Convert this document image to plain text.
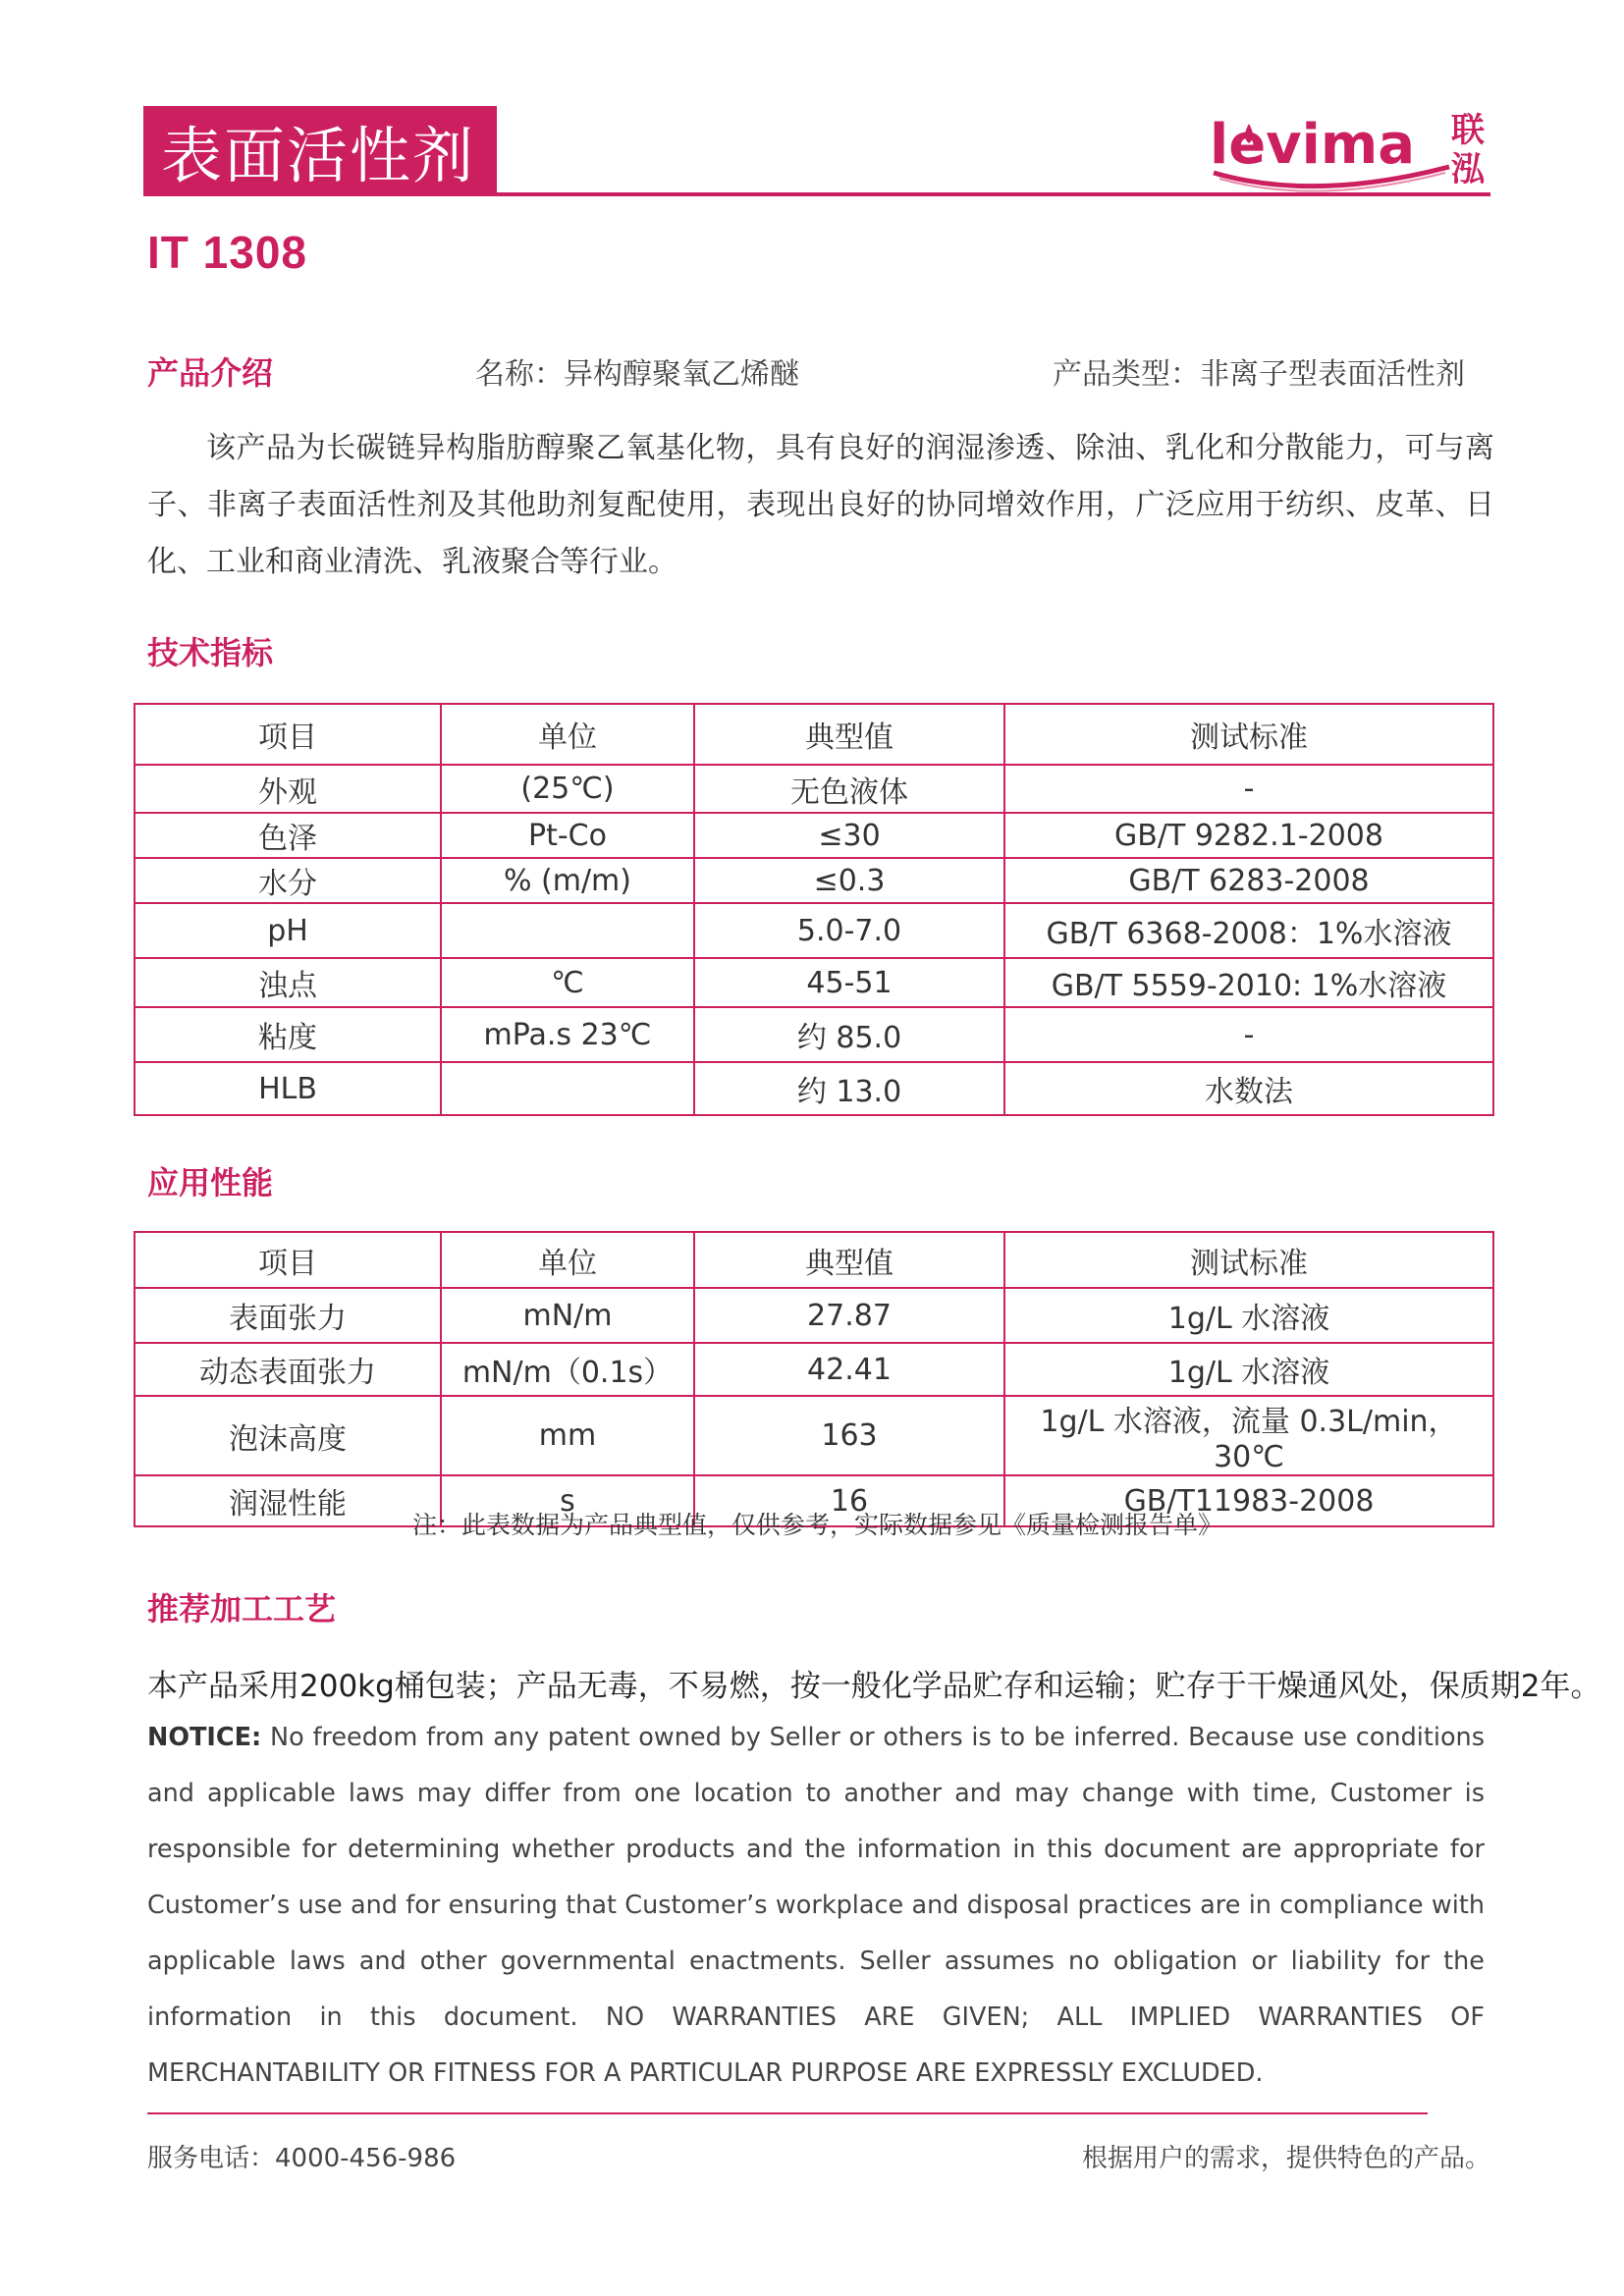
表面活性剂	levima 联
泓
IT 1308
产品介绍	名称：异构醇聚氧乙烯醚	产品类型：非离子型表面活性剂
该产品为长碳链异构脂肪醇聚乙氧基化物，具有良好的润湿渗透、除油、乳化和分散能力，可与离子、非离子表面活性剂及其他助剂复配使用，表现出良好的协同增效作用，广泛应用于纺织、皮革、日化、工业和商业清洗、乳液聚合等行业。
技术指标
项目	单位	典型值	测试标准
外观	(25℃)	无色液体	-
色泽	Pt-Co	≤30	GB/T 9282.1-2008
水分	% (m/m)	≤0.3	GB/T 6283-2008
pH		5.0-7.0	GB/T 6368-2008：1%水溶液
浊点	℃	45-51	GB/T 5559-2010: 1%水溶液
粘度	mPa.s 23℃	约 85.0	-
HLB		约 13.0	水数法
应用性能
项目	单位	典型值	测试标准
表面张力	mN/m	27.87	1g/L 水溶液
动态表面张力	mN/m（0.1s）	42.41	1g/L 水溶液
泡沫高度	mm	163	1g/L 水溶液，流量 0.3L/min，30℃
润湿性能	s	16	GB/T11983-2008
注：此表数据为产品典型值，仅供参考，实际数据参见《质量检测报告单》
推荐加工工艺
本产品采用200kg桶包装；产品无毒，不易燃，按一般化学品贮存和运输；贮存于干燥通风处，保质期2年。
NOTICE: No freedom from any patent owned by Seller or others is to be inferred. Because use conditions and applicable laws may differ from one location to another and may change with time, Customer is responsible for determining whether products and the information in this document are appropriate for Customer’s use and for ensuring that Customer’s workplace and disposal practices are in compliance with applicable laws and other governmental enactments. Seller assumes no obligation or liability for the information in this document. NO WARRANTIES ARE GIVEN; ALL IMPLIED WARRANTIES OF MERCHANTABILITY OR FITNESS FOR A PARTICULAR PURPOSE ARE EXPRESSLY EXCLUDED.
服务电话：4000-456-986	根据用户的需求，提供特色的产品。
